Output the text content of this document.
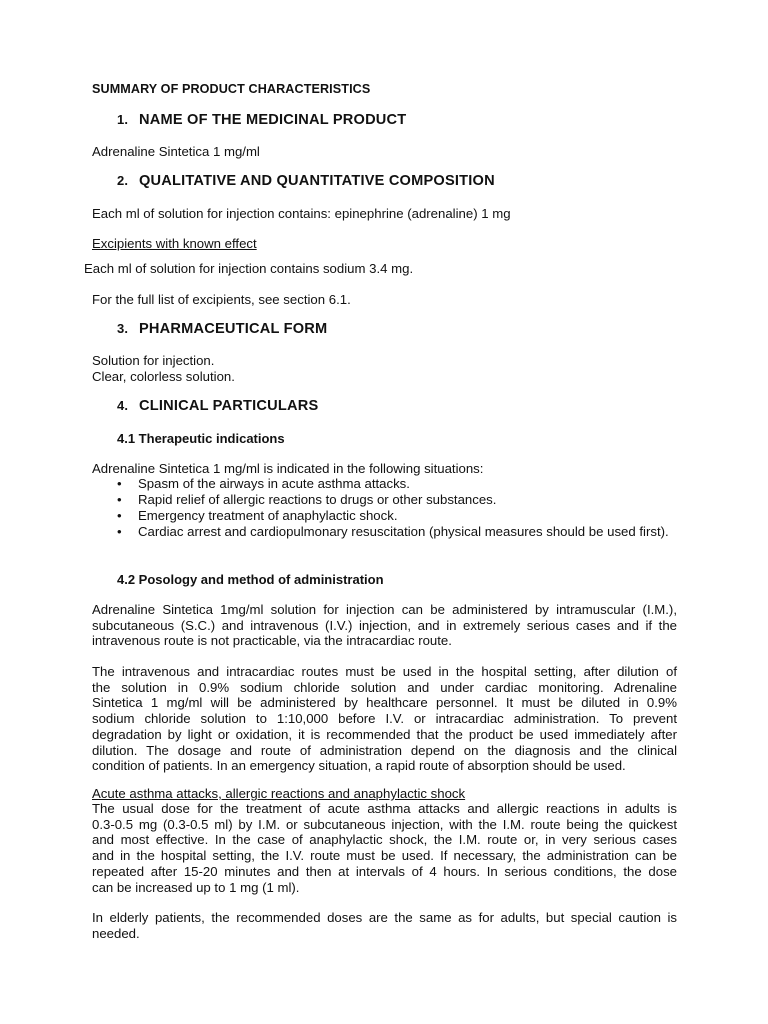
SUMMARY OF PRODUCT CHARACTERISTICS
1. NAME OF THE MEDICINAL PRODUCT
Adrenaline Sintetica 1 mg/ml
2. QUALITATIVE AND QUANTITATIVE COMPOSITION
Each ml of solution for injection contains: epinephrine (adrenaline) 1 mg
Excipients with known effect
Each ml of solution for injection contains sodium 3.4 mg.
For the full list of excipients, see section 6.1.
3. PHARMACEUTICAL FORM
Solution for injection.
Clear, colorless solution.
4. CLINICAL PARTICULARS
4.1 Therapeutic indications
Adrenaline Sintetica 1 mg/ml is indicated in the following situations:
• Spasm of the airways in acute asthma attacks.
• Rapid relief of allergic reactions to drugs or other substances.
• Emergency treatment of anaphylactic shock.
• Cardiac arrest and cardiopulmonary resuscitation (physical measures should be used first).
4.2 Posology and method of administration
Adrenaline Sintetica 1mg/ml solution for injection can be administered by intramuscular (I.M.),
subcutaneous (S.C.) and intravenous (I.V.) injection, and in extremely serious cases and if the
intravenous route is not practicable, via the intracardiac route.
The intravenous and intracardiac routes must be used in the hospital setting, after dilution of
the solution in 0.9% sodium chloride solution and under cardiac monitoring. Adrenaline
Sintetica 1 mg/ml will be administered by healthcare personnel. It must be diluted in 0.9%
sodium chloride solution to 1:10,000 before I.V. or intracardiac administration. To prevent
degradation by light or oxidation, it is recommended that the product be used immediately after
dilution. The dosage and route of administration depend on the diagnosis and the clinical
condition of patients. In an emergency situation, a rapid route of absorption should be used.
Acute asthma attacks, allergic reactions and anaphylactic shock
The usual dose for the treatment of acute asthma attacks and allergic reactions in adults is
0.3-0.5 mg (0.3-0.5 ml) by I.M. or subcutaneous injection, with the I.M. route being the quickest
and most effective. In the case of anaphylactic shock, the I.M. route or, in very serious cases
and in the hospital setting, the I.V. route must be used. If necessary, the administration can be
repeated after 15-20 minutes and then at intervals of 4 hours. In serious conditions, the dose
can be increased up to 1 mg (1 ml).
In elderly patients, the recommended doses are the same as for adults, but special caution is
needed.
